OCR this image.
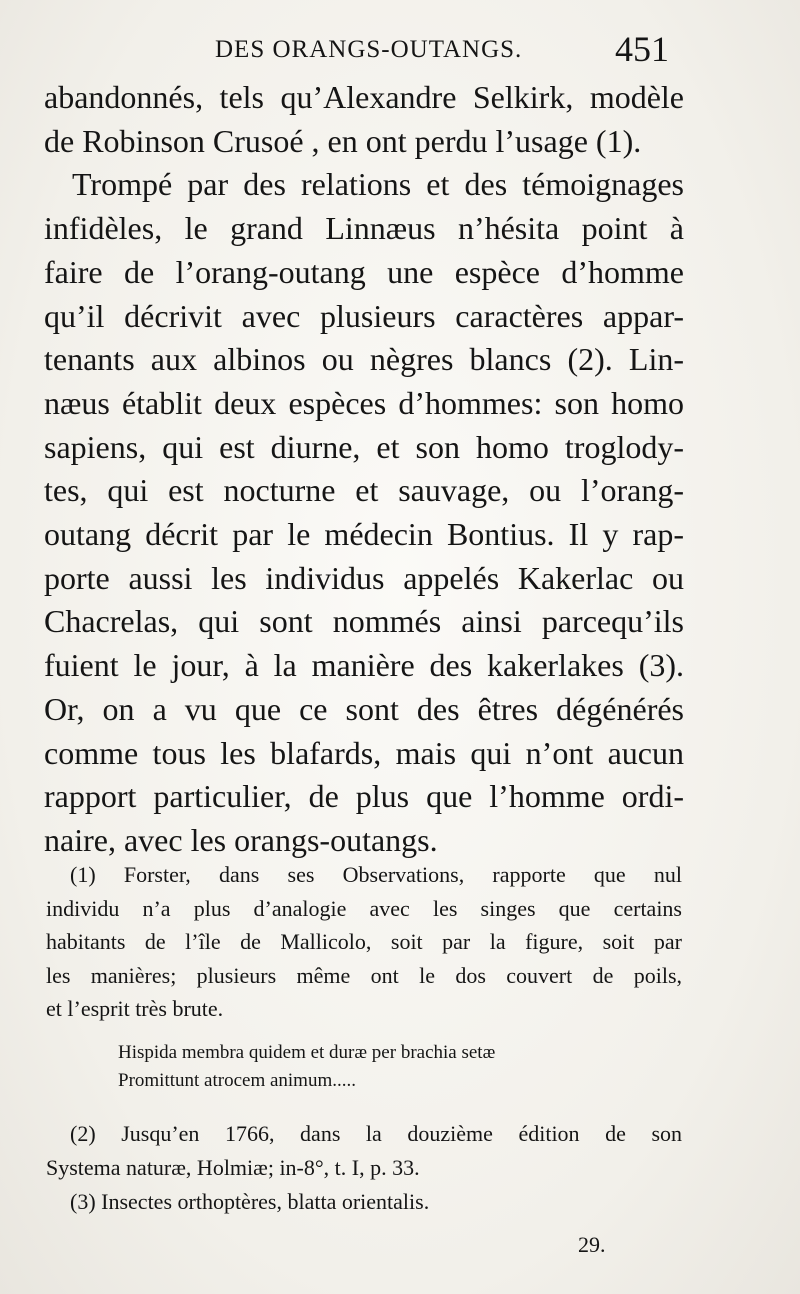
DES ORANGS-OUTANGS.	451
abandonnés, tels qu’Alexandre Selkirk, modèle
de Robinson Crusoé , en ont perdu l’usage (1).
Trompé par des relations et des témoignages
infidèles, le grand Linnæus n’hésita point à
faire de l’orang-outang une espèce d’homme
qu’il décrivit avec plusieurs caractères appar-
tenants aux albinos ou nègres blancs (2). Lin-
næus établit deux espèces d’hommes: son homo
sapiens, qui est diurne, et son homo troglody-
tes, qui est nocturne et sauvage, ou l’orang-
outang décrit par le médecin Bontius. Il y rap-
porte aussi les individus appelés Kakerlac ou
Chacrelas, qui sont nommés ainsi parcequ’ils
fuient le jour, à la manière des kakerlakes (3).
Or, on a vu que ce sont des êtres dégénérés
comme tous les blafards, mais qui n’ont aucun
rapport particulier, de plus que l’homme ordi-
naire, avec les orangs-outangs.
(1) Forster, dans ses Observations, rapporte que nul
individu n’a plus d’analogie avec les singes que certains
habitants de l’île de Mallicolo, soit par la figure, soit par
les manières; plusieurs même ont le dos couvert de poils,
et l’esprit très brute.
Hispida membra quidem et duræ per brachia setæ
Promittunt atrocem animum.....
(2) Jusqu’en 1766, dans la douzième édition de son
Systema naturæ, Holmiæ; in-8°, t. I, p. 33.
(3) Insectes orthoptères, blatta orientalis.
29.
